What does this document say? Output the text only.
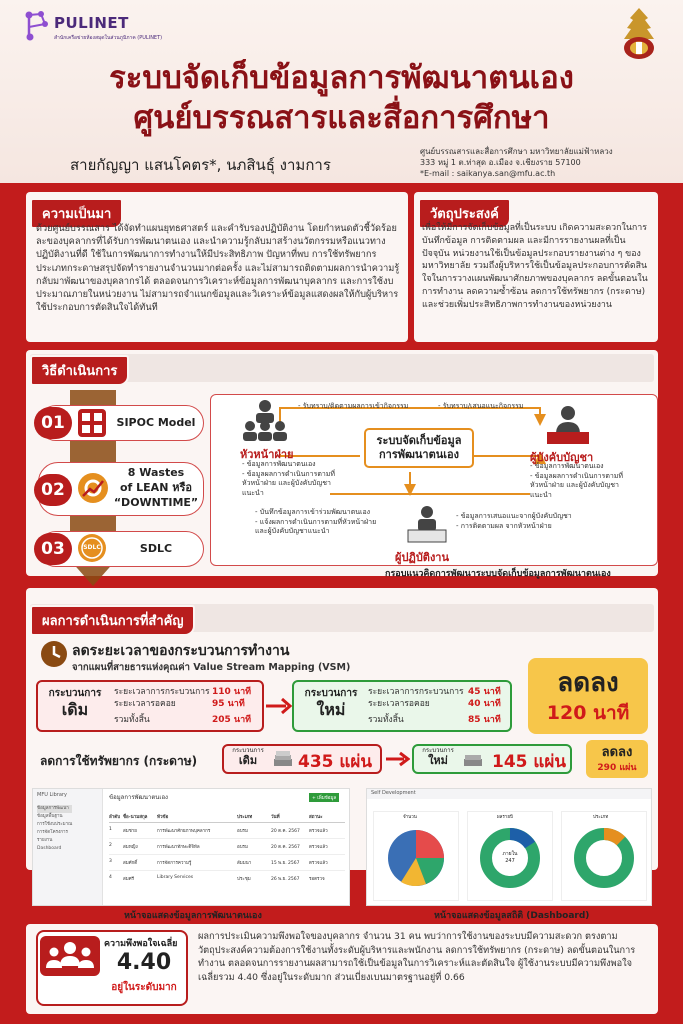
PULINET
สำนักเครือข่ายห้องสมุดในส่วนภูมิภาค (PULINET)
ระบบจัดเก็บข้อมูลการพัฒนาตนเอง
ศูนย์บรรณสารและสื่อการศึกษา
สายกัญญา แสนโคตร*, นภสินธุ์ งามการ
ศูนย์บรรณสารและสื่อการศึกษา มหาวิทยาลัยแม่ฟ้าหลวง
333 หมู่ 1 ต.ท่าสุด อ.เมือง จ.เชียงราย 57100
*E-mail : saikanya.san@mfu.ac.th
ความเป็นมา
ด้วยศูนย์บรรณสาร ได้จัดทำแผนยุทธศาสตร์ และคำรับรองปฏิบัติงาน โดยกำหนดตัวชี้วัดร้อยละของบุคลากรที่ได้รับการพัฒนาตนเอง และนำความรู้กลับมาสร้างนวัตกรรมหรือแนวทางปฏิบัติงานที่ดี ใช้ในการพัฒนาการทำงานให้มีประสิทธิภาพ ปัญหาที่พบ การใช้ทรัพยากรประเภทกระดาษสรุปจัดทำรายงานจำนวนมากต่อครั้ง และไม่สามารถติดตามผลการนำความรู้กลับมาพัฒนาของบุคลากรได้ ตลอดจนการวิเคราะห์ข้อมูลการพัฒนาบุคลากร และการใช้งบประมาณภายในหน่วยงาน ไม่สามารถจำแนกข้อมูลและวิเคราะห์ข้อมูลแสดงผลให้กับผู้บริหารใช้ประกอบการตัดสินใจได้ทันที
วัตถุประสงค์
เพื่อให้มีการจัดเก็บข้อมูลที่เป็นระบบ เกิดความสะดวกในการบันทึกข้อมูล การติดตามผล และมีการรายงานผลที่เป็นปัจจุบัน หน่วยงานใช้เป็นข้อมูลประกอบรายงานต่าง ๆ ของมหาวิทยาลัย รวมถึงผู้บริหารใช้เป็นข้อมูลประกอบการตัดสินใจในการวางแผนพัฒนาศักยภาพของบุคลากร ลดขั้นตอนในการทำงาน ลดความซ้ำซ้อน ลดการใช้ทรัพยากร (กระดาษ) และช่วยเพิ่มประสิทธิภาพการทำงานของหน่วยงาน
วิธีดำเนินการ
01	SIPOC Model
02
8 Wastes
of LEAN หรือ
“DOWNTIME”
03	SDLC	SDLC
หัวหน้าฝ่าย
- ข้อมูลการพัฒนาตนเอง
- ข้อมูลผลการดำเนินการตามที่
หัวหน้าฝ่าย และผู้บังคับบัญชา
แนะนำ
- รับทราบ/ติดตามผลการเข้ากิจกรรม	- รับทราบ/เสนอแนะกิจกรรม
ระบบจัดเก็บข้อมูล
การพัฒนาตนเอง	ผู้บังคับบัญชา
- ข้อมูลการพัฒนาตนเอง
- ข้อมูลผลการดำเนินการตามที่
หัวหน้าฝ่าย และผู้บังคับบัญชา
แนะนำ
ผู้ปฏิบัติงาน
- บันทึกข้อมูลการเข้าร่วมพัฒนาตนเอง
- แจ้งผลการดำเนินการตามที่หัวหน้าฝ่าย
และผู้บังคับบัญชาแนะนำ
- ข้อมูลการเสนอแนะจากผู้บังคับบัญชา
- การติดตามผล จากหัวหน้าฝ่าย
กรอบแนวคิดการพัฒนาระบบจัดเก็บข้อมูลการพัฒนาตนเอง
ผลการดำเนินการที่สำคัญ
ลดระยะเวลาของกระบวนการทำงาน
จากแผนที่สายธารแห่งคุณค่า Value Stream Mapping (VSM)
กระบวนการ
เดิม
ระยะเวลาการกระบวนการ 110 นาที
ระยะเวลารอคอย	95 นาที
รวมทั้งสิ้น	205 นาที
กระบวนการ
ใหม่
ระยะเวลาการกระบวนการ 45 นาที
ระยะเวลารอคอย	40 นาที
รวมทั้งสิ้น	85 นาที
ลดลง
120 นาที
ลดการใช้ทรัพยากร (กระดาษ)
กระบวนการ
เดิม	435 แผ่น
กระบวนการ
ใหม่	145 แผ่น	ลดลง
290 แผ่น
MFU Library
ข้อมูลการพัฒนา
ข้อมูลพื้นฐาน
การใช้งบประมาณ
การจัดโครงการ
รายงาน
Dashboard
ข้อมูลการพัฒนาตนเอง	+ เพิ่มข้อมูล
ลำดับ ชื่อ-นามสกุล	หัวข้อ	ประเภท	วันที่	สถานะ
1	สมชาย	การพัฒนาศักยภาพบุคลากร	อบรม	20 ต.ค. 2567	ตรวจแล้ว
2	สมหญิง	การพัฒนาทักษะดิจิทัล	อบรม	20 ต.ค. 2567	ตรวจแล้ว
3	สมศักดิ์	การจัดการความรู้	สัมมนา	15 พ.ย. 2567	ตรวจแล้ว
4	สมศรี	Library Services	ประชุม	26 พ.ย. 2567	รอตรวจ
หน้าจอแสดงข้อมูลการพัฒนาตนเอง
Self Development
จำนวน	ผลรายปี	ประเภท
ภายใน
247
หน้าจอแสดงข้อมูลสถิติ (Dashboard)
ความพึงพอใจเฉลี่ย
4.40
อยู่ในระดับมาก
ผลการประเมินความพึงพอใจของบุคลากร จำนวน 31 คน พบว่าการใช้งานของระบบมีความสะดวก ตรงตามวัตถุประสงค์ความต้องการใช้งานทั้งระดับผู้บริหารและพนักงาน ลดการใช้ทรัพยากร (กระดาษ) ลดขั้นตอนในการทำงาน ตลอดจนการรายงานผลสามารถใช้เป็นข้อมูลในการวิเคราะห์และตัดสินใจ ผู้ใช้งานระบบมีความพึงพอใจ เฉลี่ยรวม 4.40 ซึ่งอยู่ในระดับมาก ส่วนเบี่ยงเบนมาตรฐานอยู่ที่ 0.66
